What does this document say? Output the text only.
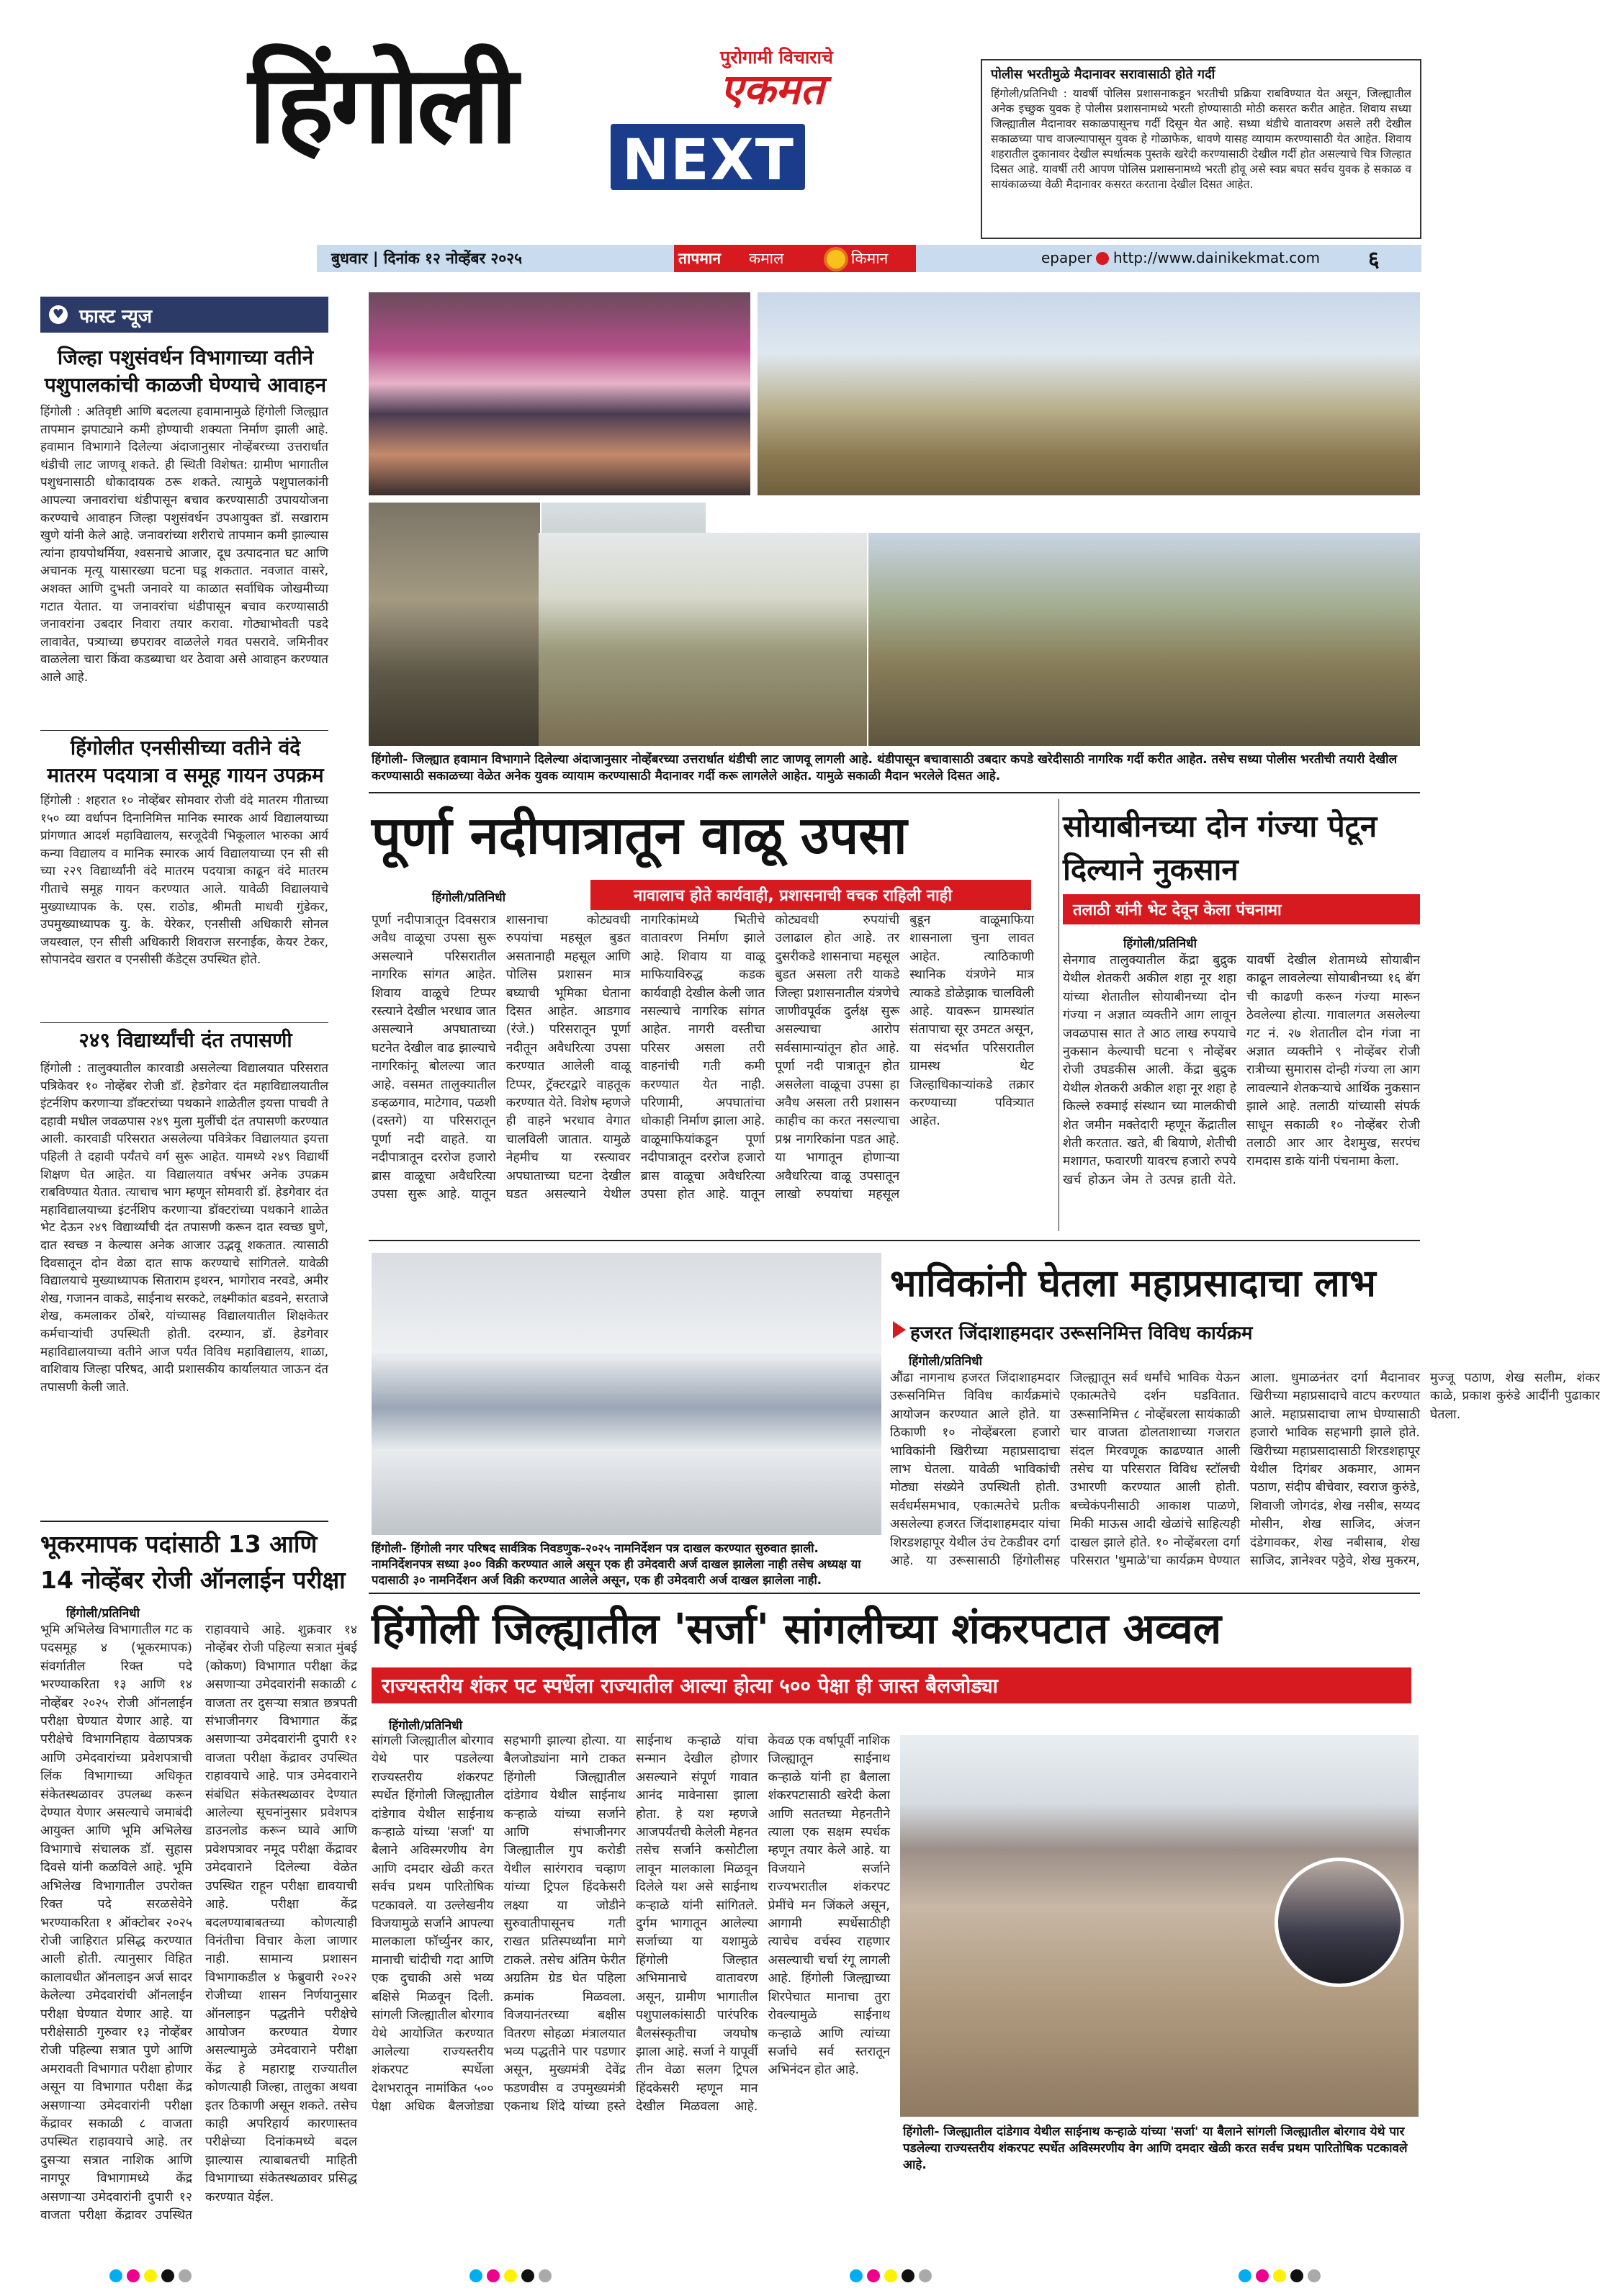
हिंगोली	पुरोगामी विचाराचे
एकमत
NEXT
पोलीस भरतीमुळे मैदानावर सरावासाठी होते गर्दी
हिंगोली/प्रतिनिधी : यावर्षी पोलिस प्रशासनाकडून भरतीची प्रक्रिया राबविण्यात येत असून, जिल्ह्यातील अनेक इच्छुक युवक हे पोलीस प्रशासनामध्ये भरती होण्यासाठी मोठी कसरत करीत आहेत. शिवाय सध्या जिल्ह्यातील मैदानावर सकाळपासूनच गर्दी दिसून येत आहे. सध्या थंडीचे वातावरण असले तरी देखील सकाळच्या पाच वाजल्यापासून युवक हे गोळाफेक, धावणे यासह व्यायाम करण्यासाठी येत आहेत. शिवाय शहरातील दुकानावर देखील स्पर्धात्मक पुस्तके खरेदी करण्यासाठी देखील गर्दी होत असल्याचे चित्र जिल्हात दिसत आहे. यावर्षी तरी आपण पोलिस प्रशासनामध्ये भरती होवू असे स्वप्न बघत सर्वच युवक हे सकाळ व सायंकाळच्या वेळी मैदानावर कसरत करताना देखील दिसत आहेत.
बुधवार | दिनांक १२ नोव्हेंबर २०२५	तापमान कमाल	किमान	epaper http://www.dainikekmat.com ६
♥ फास्ट न्यूज
जिल्हा पशुसंवर्धन विभागाच्या वतीने पशुपालकांची काळजी घेण्याचे आवाहन
हिंगोली : अतिवृष्टी आणि बदलत्या हवामानामुळे हिंगोली जिल्ह्यात तापमान झपाट्याने कमी होण्याची शक्यता निर्माण झाली आहे. हवामान विभागाने दिलेल्या अंदाजानुसार नोव्हेंबरच्या उत्तरार्धात थंडीची लाट जाणवू शकते. ही स्थिती विशेषत: ग्रामीण भागातील पशुधनासाठी धोकादायक ठरू शकते. त्यामुळे पशुपालकांनी आपल्या जनावरांचा थंडीपासून बचाव करण्यासाठी उपाययोजना करण्याचे आवाहन जिल्हा पशुसंवर्धन उपआयुक्त डॉ. सखाराम खुणे यांनी केले आहे. जनावरांच्या शरीराचे तापमान कमी झाल्यास त्यांना हायपोथर्मिया, श्वसनाचे आजार, दूध उत्पादनात घट आणि अचानक मृत्यू यासारख्या घटना घडू शकतात. नवजात वासरे, अशक्त आणि दुभती जनावरे या काळात सर्वाधिक जोखमीच्या गटात येतात. या जनावरांचा थंडीपासून बचाव करण्यासाठी जनावरांना उबदार निवारा तयार करावा. गोठ्याभोवती पडदे लावावेत, पत्र्याच्या छपरावर वाळलेले गवत पसरावे. जमिनीवर वाळलेला चारा किंवा कडब्याचा थर ठेवावा असे आवाहन करण्यात आले आहे.
हिंगोलीत एनसीसीच्या वतीने वंदे मातरम पदयात्रा व समूह गायन उपक्रम
हिंगोली : शहरात १० नोव्हेंबर सोमवार रोजी वंदे मातरम गीताच्या १५० व्या वर्धापन दिनानिमित्त मानिक स्मारक आर्य विद्यालयाच्या प्रांगणात आदर्श महाविद्यालय, सरजूदेवी भिकूलाल भारुका आर्य कन्या विद्यालय व मानिक स्मारक आर्य विद्यालयाच्या एन सी सी च्या २२९ विद्यार्थ्यांनी वंदे मातरम पदयात्रा काढून वंदे मातरम गीताचे समूह गायन करण्यात आले. यावेळी विद्यालयाचे मुख्याध्यापक के. एस. राठोड, श्रीमती माधवी गुंडेकर, उपमुख्याध्यापक यु. के. येरेकर, एनसीसी अधिकारी सोनल जयस्वाल, एन सीसी अधिकारी शिवराज सरनाईक, केयर टेकर, सोपानदेव खरात व एनसीसी कॅडेट्स उपस्थित होते.
२४९ विद्यार्थ्यांची दंत तपासणी
हिंगोली : तालुक्यातील कारवाडी असलेल्या विद्यालयात परिसरात पत्रिकेवर १० नोव्हेंबर रोजी डॉ. हेडगेवार दंत महाविद्यालयातील इंटर्नशिप करणाऱ्या डॉक्टरांच्या पथकाने शाळेतील इयत्ता पाचवी ते दहावी मधील जवळपास २४९ मुला मुलींची दंत तपासणी करण्यात आली. कारवाडी परिसरात असलेल्या पवित्रेकर विद्यालयात इयत्ता पहिली ते दहावी पर्यंतचे वर्ग सुरू आहेत. यामध्ये २४९ विद्यार्थी शिक्षण घेत आहेत. या विद्यालयात वर्षभर अनेक उपक्रम राबविण्यात येतात. त्याचाच भाग म्हणून सोमवारी डॉ. हेडगेवार दंत महाविद्यालयाच्या इंटर्नशिप करणाऱ्या डॉक्टरांच्या पथकाने शाळेत भेट देऊन २४९ विद्यार्थ्यांची दंत तपासणी करून दात स्वच्छ घुणे, दात स्वच्छ न केल्यास अनेक आजार उद्भवू शकतात. त्यासाठी दिवसातून दोन वेळा दात साफ करण्याचे सांगितले. यावेळी विद्यालयाचे मुख्याध्यापक सिताराम इथरन, भागोराव नरवडे, अमीर शेख, गजानन वाकडे, साईनाथ सरकटे, लक्ष्मीकांत बडवने, सरताजे शेख, कमलाकर ठोंबरे, यांच्यासह विद्यालयातील शिक्षकेतर कर्मचाऱ्यांची उपस्थिती होती. दरम्यान, डॉ. हेडगेवार महाविद्यालयाच्या वतीने आज पर्यंत विविध महाविद्यालय, शाळा, वाशिवाय जिल्हा परिषद, आदी प्रशासकीय कार्यालयात जाऊन दंत तपासणी केली जाते.
भूकरमापक पदांसाठी 13 आणि 14 नोव्हेंबर रोजी ऑनलाईन परीक्षा
हिंगोली/प्रतिनिधी
भूमि अभिलेख विभागातील गट क पदसमूह ४ (भूकरमापक) संवर्गातील रिक्त पदे भरण्याकरिता १३ आणि १४ नोव्हेंबर २०२५ रोजी ऑनलाईन परीक्षा घेण्यात येणार आहे. या परीक्षेचे विभागनिहाय वेळापत्रक आणि उमेदवारांच्या प्रवेशपत्राची लिंक विभागाच्या अधिकृत संकेतस्थळावर उपलब्ध करून देण्यात येणार असल्याचे जमाबंदी आयुक्त आणि भूमि अभिलेख विभागाचे संचालक डॉ. सुहास दिवसे यांनी कळविले आहे. भूमि अभिलेख विभागातील उपरोक्त रिक्त पदे सरळसेवेने भरण्याकरिता १ ऑक्टोबर २०२५ रोजी जाहिरात प्रसिद्ध करण्यात आली होती. त्यानुसार विहित कालावधीत ऑनलाइन अर्ज सादर केलेल्या उमेदवारांची ऑनलाईन परीक्षा घेण्यात येणार आहे. या परीक्षेसाठी गुरुवार १३ नोव्हेंबर रोजी पहिल्या सत्रात पुणे आणि अमरावती विभागात परीक्षा होणार असून या विभागात परीक्षा केंद्र असणाऱ्या उमेदवारांनी परीक्षा केंद्रावर सकाळी ८ वाजता उपस्थित राहावयाचे आहे. तर दुसऱ्या सत्रात नाशिक आणि नागपूर विभागामध्ये केंद्र असणाऱ्या उमेदवारांनी दुपारी १२ वाजता परीक्षा केंद्रावर उपस्थित राहावयाचे आहे. शुक्रवार १४ नोव्हेंबर रोजी पहिल्या सत्रात मुंबई (कोकण) विभागात परीक्षा केंद्र असणाऱ्या उमेदवारांनी सकाळी ८ वाजता तर दुसऱ्या सत्रात छत्रपती संभाजीनगर विभागात केंद्र असणाऱ्या उमेदवारांनी दुपारी १२ वाजता परीक्षा केंद्रावर उपस्थित राहावयाचे आहे. पात्र उमेदवाराने संबंधित संकेतस्थळावर देण्यात आलेल्या सूचनांनुसार प्रवेशपत्र डाउनलोड करून घ्यावे आणि प्रवेशपत्रावर नमूद परीक्षा केंद्रावर उमेदवाराने दिलेल्या वेळेत उपस्थित राहून परीक्षा द्यावयाची आहे. परीक्षा केंद्र बदलण्याबाबतच्या कोणत्याही विनंतीचा विचार केला जाणार नाही. सामान्य प्रशासन विभागाकडील ४ फेब्रुवारी २०२२ रोजीच्या शासन निर्णयानुसार ऑनलाइन पद्धतीने परीक्षेचे आयोजन करण्यात येणार असल्यामुळे उमेदवाराने परीक्षा केंद्र हे महाराष्ट्र राज्यातील कोणत्याही जिल्हा, तालुका अथवा इतर ठिकाणी असून शकते. तसेच काही अपरिहार्य कारणास्तव परीक्षेच्या दिनांकमध्ये बदल झाल्यास त्याबाबतची माहिती विभागाच्या संकेतस्थळावर प्रसिद्ध करण्यात येईल.
हिंगोली- जिल्ह्यात हवामान विभागाने दिलेल्या अंदाजानुसार नोव्हेंबरच्या उत्तरार्धात थंडीची लाट जाणवू लागली आहे. थंडीपासून बचावासाठी उबदार कपडे खरेदीसाठी नागरिक गर्दी करीत आहेत. तसेच सध्या पोलीस भरतीची तयारी देखील करण्यासाठी सकाळच्या वेळेत अनेक युवक व्यायाम करण्यासाठी मैदानावर गर्दी करू लागलेले आहेत. यामुळे सकाळी मैदान भरलेले दिसत आहे.
पूर्णा नदीपात्रातून वाळू उपसा
नावालाच होते कार्यवाही, प्रशासनाची वचक राहिली नाही
हिंगोली/प्रतिनिधी
पूर्णा नदीपात्रातून दिवसरात्र अवैध वाळूचा उपसा सुरू असल्याने परिसरातील नागरिक सांगत आहेत. शिवाय वाळूचे टिप्पर रस्त्याने देखील भरधाव जात असल्याने अपघाताच्या घटनेत देखील वाढ झाल्याचे नागरिकांनू बोलल्या जात आहे. वसमत तालुक्यातील डव्हळगाव, माटेगाव, पळशी (दस्तगे) या परिसरातून पूर्णा नदी वाहते. या नदीपात्रातून दररोज हजारो ब्रास वाळूचा अवैधरित्या उपसा सुरू आहे. यातून शासनाचा कोट्यवधी रुपयांचा महसूल बुडत असतानाही महसूल आणि पोलिस प्रशासन मात्र बघ्याची भूमिका घेताना दिसत आहेत. आडगाव (रंजे.) परिसरातून पूर्णा नदीतून अवैधरित्या उपसा करण्यात आलेली वाळू टिप्पर, ट्रॅक्टरद्वारे वाहतूक करण्यात येते. विशेष म्हणजे ही वाहने भरधाव वेगात चालविली जातात. यामुळे नेहमीच या रस्त्यावर अपघाताच्या घटना देखील घडत असल्याने येथील नागरिकांमध्ये भितीचे वातावरण निर्माण झाले आहे. शिवाय या वाळू माफियाविरुद्ध कडक कार्यवाही देखील केली जात नसल्याचे नागरिक सांगत आहेत. नागरी वस्तीचा परिसर असला तरी वाहनांची गती कमी करण्यात येत नाही. परिणामी, अपघातांचा धोकाही निर्माण झाला आहे. वाळूमाफियांकडून पूर्णा नदीपात्रातून दररोज हजारो ब्रास वाळूचा अवैधरित्या उपसा होत आहे. यातून कोट्यवधी रुपयांची उलाढाल होत आहे. तर दुसरीकडे शासनाचा महसूल बुडत असला तरी याकडे जिल्हा प्रशासनातील यंत्रणेचे जाणीवपूर्वक दुर्लक्ष सुरू असल्याचा आरोप सर्वसामान्यांतून होत आहे. पूर्णा नदी पात्रातून होत असलेला वाळूचा उपसा हा अवैध असला तरी प्रशासन काहीच का करत नसल्याचा प्रश्न नागरिकांना पडत आहे. या भागातून होणाऱ्या अवैधरित्या वाळू उपसातून लाखो रुपयांचा महसूल बुडून वाळूमाफिया शासनाला चुना लावत आहेत. त्याठिकाणी स्थानिक यंत्रणेने मात्र त्याकडे डोळेझाक चालविली आहे. यावरून ग्रामस्थांत संतापाचा सूर उमटत असून, या संदर्भात परिसरातील ग्रामस्थ थेट जिल्हाधिकाऱ्यांकडे तक्रार करण्याच्या पवित्र्यात आहेत.
सोयाबीनच्या दोन गंज्या पेटून दिल्याने नुकसान
तलाठी यांनी भेट देवून केला पंचनामा
हिंगोली/प्रतिनिधी
सेनगाव तालुक्यातील केंद्रा बुद्रुक येथील शेतकरी अकील शहा नूर शहा यांच्या शेतातील सोयाबीनच्या दोन गंज्या न अज्ञात व्यक्तीने आग लावून जवळपास सात ते आठ लाख रुपयाचे नुकसान केल्याची घटना ९ नोव्हेंबर रोजी उघडकीस आली. केंद्रा बुद्रुक येथील शेतकरी अकील शहा नूर शहा हे किल्ले रुक्माई संस्थान च्या मालकीची शेत जमीन मक्तेदारी म्हणून केंद्रातील शेती करतात. खते, बी बियाणे, शेतीची मशागत, फवारणी यावरच हजारो रुपये खर्च होऊन जेम ते उत्पन्न हाती येते. यावर्षी देखील शेतामध्ये सोयाबीन काढून लावलेल्या सोयाबीनच्या १६ बॅग ची काढणी करून गंज्या मारून ठेवलेल्या होत्या. गावालगत असलेल्या गट नं. २७ शेतातील दोन गंजा ना अज्ञात व्यक्तीने ९ नोव्हेंबर रोजी रात्रीच्या सुमारास दोन्ही गंज्या ला आग लावल्याने शेतकऱ्याचे आर्थिक नुकसान झाले आहे. तलाठी यांच्यासी संपर्क साधून सकाळी १० नोव्हेंबर रोजी तलाठी आर आर देशमुख, सरपंच रामदास डाके यांनी पंचनामा केला.
हिंगोली- हिंगोली नगर परिषद सार्वत्रिक निवडणुक-२०२५ नामनिर्देशन पत्र दाखल करण्यात सुरुवात झाली. नामनिर्देशनपत्र सध्या ३०० विक्री करण्यात आले असून एक ही उमेदवारी अर्ज दाखल झालेला नाही तसेच अध्यक्ष या पदासाठी ३० नामनिर्देशन अर्ज विक्री करण्यात आलेले असून, एक ही उमेदवारी अर्ज दाखल झालेला नाही.
भाविकांनी घेतला महाप्रसादाचा लाभ
हजरत जिंदाशाहमदार उरूसनिमित्त विविध कार्यक्रम
हिंगोली/प्रतिनिधी
औंढा नागनाथ हजरत जिंदाशाहमदार उरूसनिमित्त विविध कार्यक्रमांचे आयोजन करण्यात आले होते. या ठिकाणी १० नोव्हेंबरला हजारो भाविकांनी खिरीच्या महाप्रसादाचा लाभ घेतला. यावेळी भाविकांची मोठ्या संख्येने उपस्थिती होती. सर्वधर्मसमभाव, एकात्मतेचे प्रतीक असलेल्या हजरत जिंदाशाहमदार यांचा शिरडशहापूर येथील उंच टेकडीवर दर्गा आहे. या उरूसासाठी हिंगोलीसह जिल्ह्यातून सर्व धर्मांचे भाविक येऊन एकात्मतेचे दर्शन घडवितात. उरूसानिमित्त ८ नोव्हेंबरला सायंकाळी चार वाजता ढोलताशाच्या गजरात संदल मिरवणूक काढण्यात आली तसेच या परिसरात विविध स्टॉलची उभारणी करण्यात आली होती. बच्चेकंपनीसाठी आकाश पाळणे, मिकी माऊस आदी खेळांचे साहित्यही दाखल झाले होते. १० नोव्हेंबरला दर्गा परिसरात 'धुमाळे'चा कार्यक्रम घेण्यात आला. धुमाळनंतर दर्गा मैदानावर खिरीच्या महाप्रसादाचे वाटप करण्यात आले. महाप्रसादाचा लाभ घेण्यासाठी हजारो भाविक सहभागी झाले होते. खिरीच्या महाप्रसादासाठी शिरडशहापूर येथील दिगंबर अकमार, आमन पठाण, संदीप बीचेवार, स्वराज कुरुंडे, शिवाजी जोगदंड, शेख नसीब, सय्यद मोसीन, शेख साजिद, अंजन दंडेगावकर, शेख नबीसाब, शेख साजिद, ज्ञानेश्वर पठ्ठेवे, शेख मुकरम, मुज्जू पठाण, शेख सलीम, शंकर काळे, प्रकाश कुरुंडे आदींनी पुढाकार घेतला.
हिंगोली जिल्ह्यातील 'सर्जा' सांगलीच्या शंकरपटात अव्वल
राज्यस्तरीय शंकर पट स्पर्धेला राज्यातील आल्या होत्या ५०० पेक्षा ही जास्त बैलजोड्या
हिंगोली/प्रतिनिधी
सांगली जिल्ह्यातील बोरगाव येथे पार पडलेल्या राज्यस्तरीय शंकरपट स्पर्धेत हिंगोली जिल्ह्यातील दांडेगाव येथील साईनाथ कऱ्हाळे यांच्या 'सर्जा' या बैलाने अविस्मरणीय वेग आणि दमदार खेळी करत सर्वच प्रथम पारितोषिक पटकावले. या उल्लेखनीय विजयामुळे सर्जाने आपल्या मालकाला फॉर्च्युनर कार, मानाची चांदीची गदा आणि एक दुचाकी असे भव्य बक्षिसे मिळवून दिली. सांगली जिल्ह्यातील बोरगाव येथे आयोजित करण्यात आलेल्या राज्यस्तरीय शंकरपट स्पर्धेला देशभरातून नामांकित ५०० पेक्षा अधिक बैलजोड्या सहभागी झाल्या होत्या. या बैलजोड्यांना मागे टाकत हिंगोली जिल्ह्यातील दांडेगाव येथील साईनाथ कऱ्हाळे यांच्या सर्जाने आणि संभाजीनगर जिल्ह्यातील गुप करोडी येथील सारंगराव चव्हाण यांच्या ट्रिपल हिंदकेसरी लक्ष्या या जोडीने सुरुवातीपासूनच गती राखत प्रतिस्पर्ध्यांना मागे टाकले. तसेच अंतिम फेरीत अग्रतिम ग्रेड घेत पहिला क्रमांक मिळवला. विजयानंतरच्या बक्षीस वितरण सोहळा मंत्रालयात भव्य पद्धतीने पार पडणार असून, मुख्यमंत्री देवेंद्र फडणवीस व उपमुख्यमंत्री एकनाथ शिंदे यांच्या हस्ते साईनाथ कऱ्हाळे यांचा सन्मान देखील होणार असल्याने संपूर्ण गावात आनंद मावेनासा झाला होता. हे यश म्हणजे आजपर्यंतची केलेली मेहनत तसेच सर्जाने कसोटीला लावून मालकाला मिळवून दिलेले यश असे साईनाथ कऱ्हाळे यांनी सांगितले. दुर्गम भागातून आलेल्या सर्जाच्या या यशामुळे हिंगोली जिल्हात अभिमानाचे वातावरण असून, ग्रामीण भागातील पशुपालकांसाठी पारंपरिक बैलसंस्कृतीचा जयघोष झाला आहे. सर्जा ने यापूर्वी तीन वेळा सलग ट्रिपल हिंदकेसरी म्हणून मान देखील मिळवला आहे. केवळ एक वर्षापूर्वी नाशिक जिल्ह्यातून साईनाथ कऱ्हाळे यांनी हा बैलाला शंकरपटासाठी खरेदी केला आणि सततच्या मेहनतीने त्याला एक सक्षम स्पर्धक म्हणून तयार केले आहे. या विजयाने सर्जाने राज्यभरातील शंकरपट प्रेमींचे मन जिंकले असून, आगामी स्पर्धेसाठीही त्याचेच वर्चस्व राहणार असल्याची चर्चा रंगू लागली आहे. हिंगोली जिल्ह्याच्या शिरपेचात मानाचा तुरा रोवल्यामुळे साईनाथ कऱ्हाळे आणि त्यांच्या सर्जाचे सर्व स्तरातून अभिनंदन होत आहे.
हिंगोली- जिल्ह्यातील दांडेगाव येथील साईनाथ कऱ्हाळे यांच्या 'सर्जा' या बैलाने सांगली जिल्ह्यातील बोरगाव येथे पार पडलेल्या राज्यस्तरीय शंकरपट स्पर्धेत अविस्मरणीय वेग आणि दमदार खेळी करत सर्वच प्रथम पारितोषिक पटकावले आहे.
